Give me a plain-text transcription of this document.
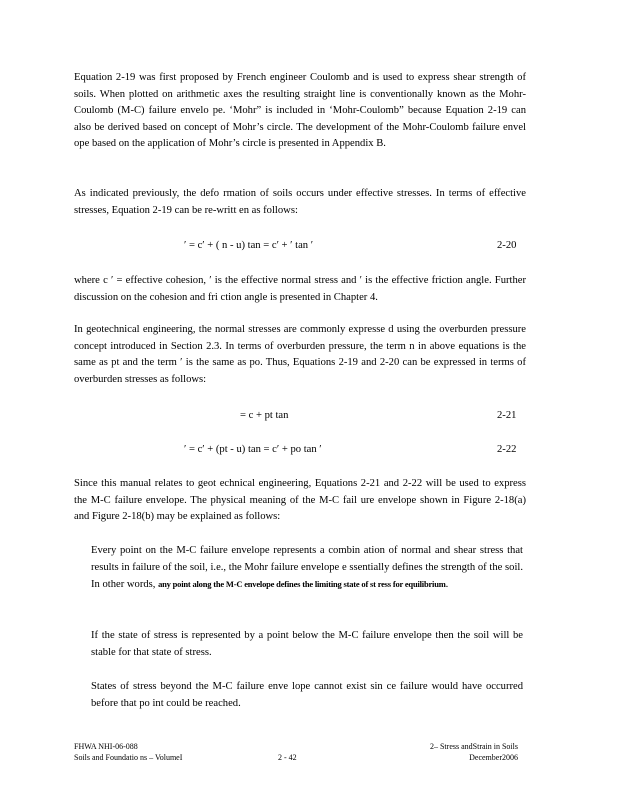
Equation 2-19 was first proposed by French engineer Coulomb and is used to express shear strength of soils. When plotted on arithmetic axes the resulting straight line is conventionally known as the Mohr-Coulomb (M-C) failure envelo pe. ‘Mohr” is included in ‘Mohr-Coulomb” because Equation 2-19 can also be derived based on concept of Mohr’s circle. The development of the Mohr-Coulomb failure envel ope based on the application of Mohr’s circle is presented in Appendix B.
As indicated previously, the defo rmation of soils occurs under effective stresses. In terms of effective stresses, Equation 2-19 can be re-writt en as follows:
′ = c′ + ( n - u) tan = c′ + ′ tan ′	2-20
where c ′ = effective cohesion, ′ is the effective normal stress and ′ is the effective friction angle. Further discussion on the cohesion and fri ction angle is presented in Chapter 4.
In geotechnical engineering, the normal stresses are commonly expresse d using the overburden pressure concept introduced in Section 2.3. In terms of overburden pressure, the term n in above equations is the same as pt and the term ′ is the same as po. Thus, Equations 2-19 and 2-20 can be expressed in terms of overburden stresses as follows:
= c + pt tan	2-21
′ = c′ + (pt - u) tan = c′ + po tan ′	2-22
Since this manual relates to geot echnical engineering, Equations 2-21 and 2-22 will be used to express the M-C failure envelope. The physical meaning of the M-C fail ure envelope shown in Figure 2-18(a) and Figure 2-18(b) may be explained as follows:
Every point on the M-C failure envelope represents a combin ation of normal and shear stress that results in failure of the soil, i.e., the Mohr failure envelope e ssentially defines the strength of the soil. In other words, any point along the M-C envelope defines the limiting state of st ress for equilibrium.
If the state of stress is represented by a point below the M-C failure envelope then the soil will be stable for that state of stress.
States of stress beyond the M-C failure enve lope cannot exist sin ce failure would have occurred before that po int could be reached.
FHWA NHI-06-088
Soils and Foundatio ns – VolumeI	2 - 42
2– Stress andStrain in Soils
December2006
